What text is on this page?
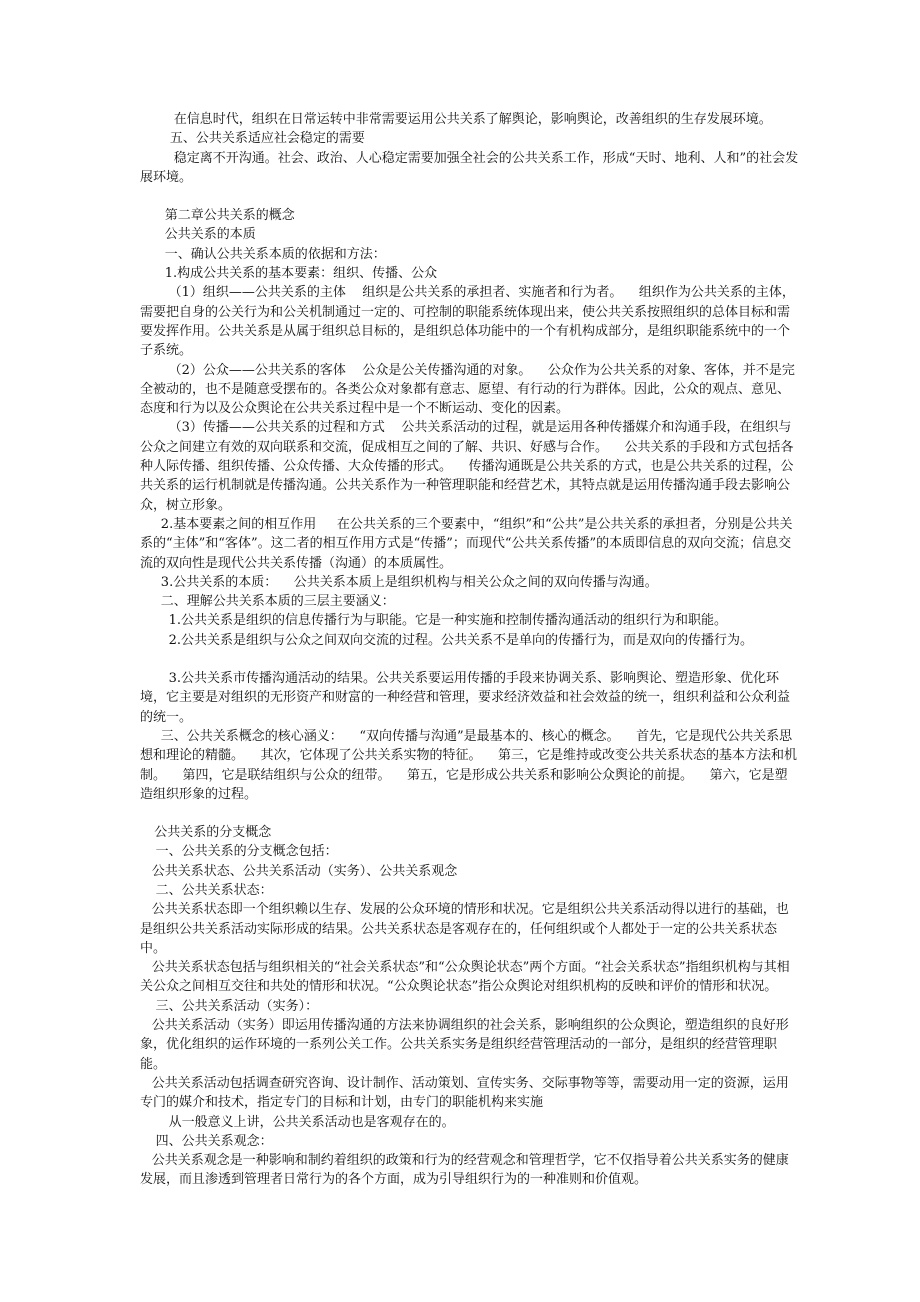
在信息时代，组织在日常运转中非常需要运用公共关系了解舆论，影响舆论，改善组织的生存发展环境。

五、公共关系适应社会稳定的需要

稳定离不开沟通。社会、政治、人心稳定需要加强全社会的公共关系工作，形成“天时、地利、人和”的社会发展环境。

第二章公共关系的概念

公共关系的本质

一、确认公共关系本质的依据和方法：

1.构成公共关系的基本要素：组织、传播、公众

（1）组织——公共关系的主体    组织是公共关系的承担者、实施者和行为者。    组织作为公共关系的主体，需要把自身的公关行为和公关机制通过一定的、可控制的职能系统体现出来，使公共关系按照组织的总体目标和需要发挥作用。公共关系是从属于组织总目标的，是组织总体功能中的一个有机构成部分，是组织职能系统中的一个子系统。

（2）公众——公共关系的客体    公众是公关传播沟通的对象。    公众作为公共关系的对象、客体，并不是完全被动的，也不是随意受摆布的。各类公众对象都有意志、愿望、有行动的行为群体。因此，公众的观点、意见、态度和行为以及公众舆论在公共关系过程中是一个不断运动、变化的因素。

（3）传播——公共关系的过程和方式    公共关系活动的过程，就是运用各种传播媒介和沟通手段，在组织与公众之间建立有效的双向联系和交流，促成相互之间的了解、共识、好感与合作。    公共关系的手段和方式包括各种人际传播、组织传播、公众传播、大众传播的形式。    传播沟通既是公共关系的方式，也是公共关系的过程，公共关系的运行机制就是传播沟通。公共关系作为一种管理职能和经营艺术，其特点就是运用传播沟通手段去影响公众，树立形象。

2.基本要素之间的相互作用     在公共关系的三个要素中，“组织”和“公共”是公共关系的承担者，分别是公共关系的“主体”和“客体”。这二者的相互作用方式是“传播”；而现代“公共关系传播”的本质即信息的双向交流；信息交流的双向性是现代公共关系传播（沟通）的本质属性。

3.公共关系的本质：    公共关系本质上是组织机构与相关公众之间的双向传播与沟通。

二、理解公共关系本质的三层主要涵义：

1.公共关系是组织的信息传播行为与职能。它是一种实施和控制传播沟通活动的组织行为和职能。

2.公共关系是组织与公众之间双向交流的过程。公共关系不是单向的传播行为，而是双向的传播行为。

3.公共关系市传播沟通活动的结果。公共关系要运用传播的手段来协调关系、影响舆论、塑造形象、优化环境，它主要是对组织的无形资产和财富的一种经营和管理，要求经济效益和社会效益的统一，组织利益和公众利益的统一。

三、公共关系概念的核心涵义：    “双向传播与沟通”是最基本的、核心的概念。    首先，它是现代公共关系思想和理论的精髓。    其次，它体现了公共关系实物的特征。    第三，它是维持或改变公共关系状态的基本方法和机制。    第四，它是联结组织与公众的纽带。    第五，它是形成公共关系和影响公众舆论的前提。    第六，它是塑造组织形象的过程。

公共关系的分支概念

一、公共关系的分支概念包括：

公共关系状态、公共关系活动（实务）、公共关系观念

二、公共关系状态：

公共关系状态即一个组织赖以生存、发展的公众环境的情形和状况。它是组织公共关系活动得以进行的基础，也是组织公共关系活动实际形成的结果。公共关系状态是客观存在的，任何组织或个人都处于一定的公共关系状态中。

公共关系状态包括与组织相关的“社会关系状态”和“公众舆论状态”两个方面。“社会关系状态”指组织机构与其相关公众之间相互交往和共处的情形和状况。“公众舆论状态”指公众舆论对组织机构的反映和评价的情形和状况。

三、公共关系活动（实务）：

公共关系活动（实务）即运用传播沟通的方法来协调组织的社会关系，影响组织的公众舆论，塑造组织的良好形象，优化组织的运作环境的一系列公关工作。公共关系实务是组织经营管理活动的一部分，是组织的经营管理职能。

公共关系活动包括调查研究咨询、设计制作、活动策划、宣传实务、交际事物等等，需要动用一定的资源，运用专门的媒介和技术，指定专门的目标和计划，由专门的职能机构来实施

从一般意义上讲，公共关系活动也是客观存在的。

四、公共关系观念：

公共关系观念是一种影响和制约着组织的政策和行为的经营观念和管理哲学，它不仅指导着公共关系实务的健康发展，而且渗透到管理者日常行为的各个方面，成为引导组织行为的一种准则和价值观。
